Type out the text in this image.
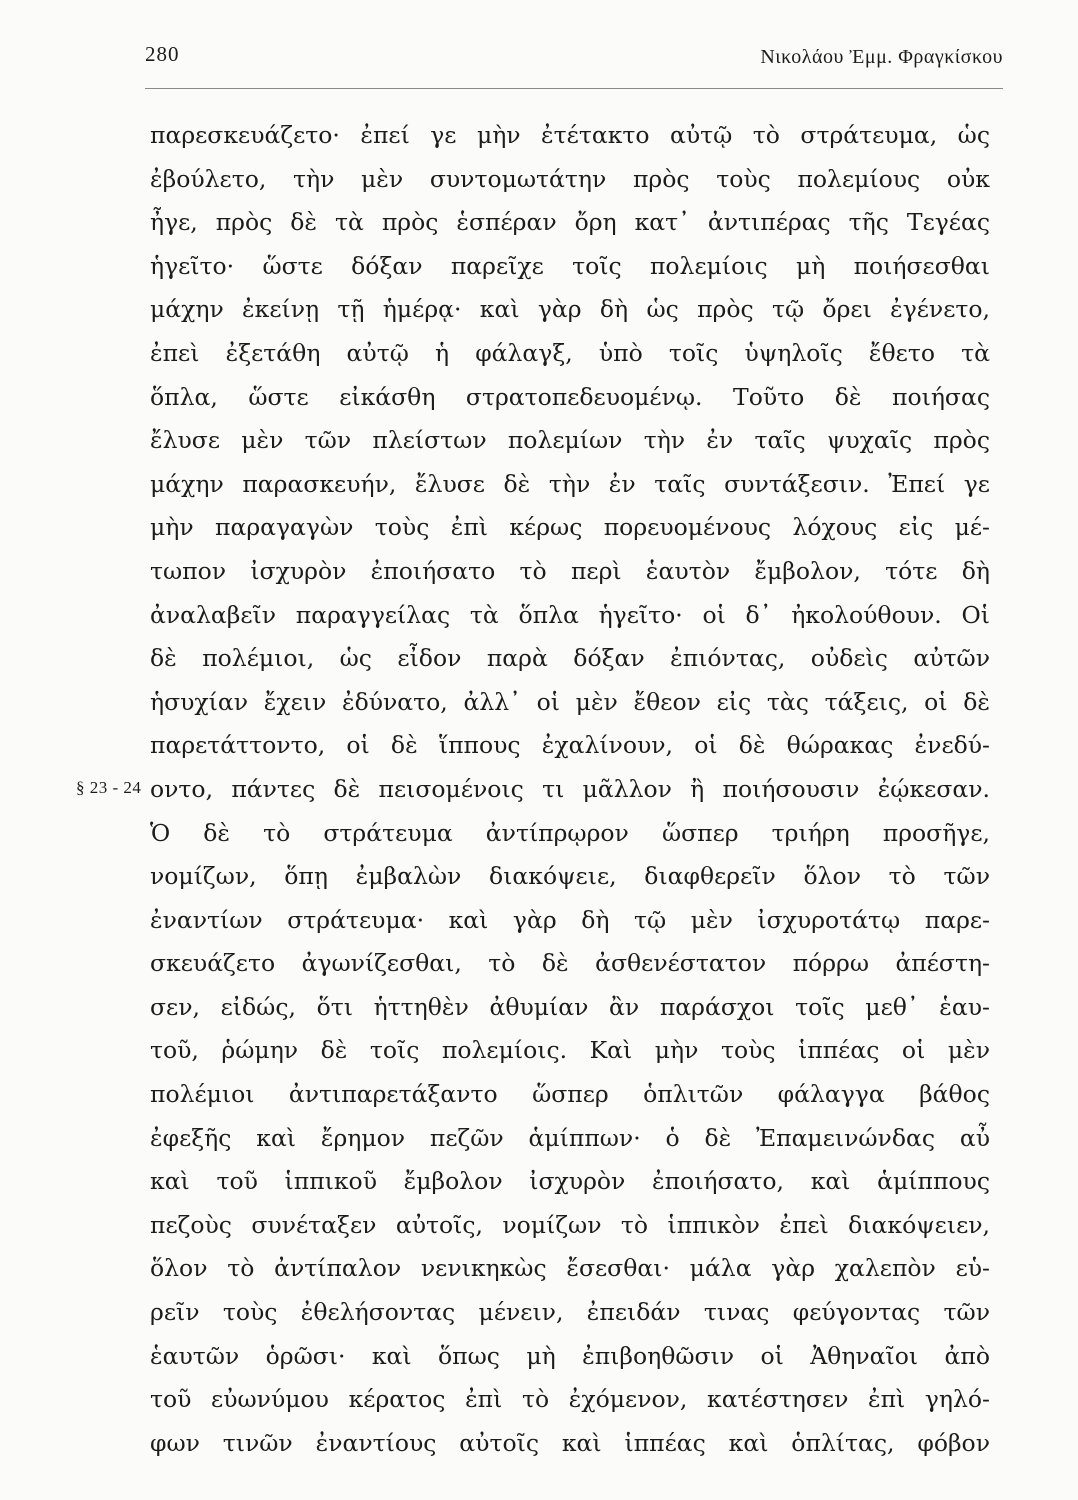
280	Νικολάου Ἐμμ. Φραγκίσκου
§ 23 - 24
παρεσκευάζετο· ἐπεί γε μὴν ἐτέτακτο αὐτῷ τὸ στράτευμα, ὡς
ἐβούλετο, τὴν μὲν συντομωτάτην πρὸς τοὺς πολεμίους οὐκ
ἦγε, πρὸς δὲ τὰ πρὸς ἑσπέραν ὄρη κατ᾽ ἀντιπέρας τῆς Τεγέας
ἡγεῖτο· ὥστε δόξαν παρεῖχε τοῖς πολεμίοις μὴ ποιήσεσθαι
μάχην ἐκείνῃ τῇ ἡμέρᾳ· καὶ γὰρ δὴ ὡς πρὸς τῷ ὄρει ἐγένετο,
ἐπεὶ ἐξετάθη αὐτῷ ἡ φάλαγξ, ὑπὸ τοῖς ὑψηλοῖς ἔθετο τὰ
ὅπλα, ὥστε εἰκάσθη στρατοπεδευομένῳ. Τοῦτο δὲ ποιήσας
ἔλυσε μὲν τῶν πλείστων πολεμίων τὴν ἐν ταῖς ψυχαῖς πρὸς
μάχην παρασκευήν, ἔλυσε δὲ τὴν ἐν ταῖς συντάξεσιν. Ἐπεί γε
μὴν παραγαγὼν τοὺς ἐπὶ κέρως πορευομένους λόχους εἰς μέ-
τωπον ἰσχυρὸν ἐποιήσατο τὸ περὶ ἑαυτὸν ἔμβολον, τότε δὴ
ἀναλαβεῖν παραγγείλας τὰ ὅπλα ἡγεῖτο· οἱ δ᾽ ἠκολούθουν. Οἱ
δὲ πολέμιοι, ὡς εἶδον παρὰ δόξαν ἐπιόντας, οὐδεὶς αὐτῶν
ἡσυχίαν ἔχειν ἐδύνατο, ἀλλ᾽ οἱ μὲν ἔθεον εἰς τὰς τάξεις, οἱ δὲ
παρετάττοντο, οἱ δὲ ἵππους ἐχαλίνουν, οἱ δὲ θώρακας ἐνεδύ-
οντο, πάντες δὲ πεισομένοις τι μᾶλλον ἢ ποιήσουσιν ἐῴκεσαν.
Ὁ δὲ τὸ στράτευμα ἀντίπρῳρον ὥσπερ τριήρη προσῆγε,
νομίζων, ὅπῃ ἐμβαλὼν διακόψειε, διαφθερεῖν ὅλον τὸ τῶν
ἐναντίων στράτευμα· καὶ γὰρ δὴ τῷ μὲν ἰσχυροτάτῳ παρε-
σκευάζετο ἀγωνίζεσθαι, τὸ δὲ ἀσθενέστατον πόρρω ἀπέστη-
σεν, εἰδώς, ὅτι ἡττηθὲν ἀθυμίαν ἂν παράσχοι τοῖς μεθ᾽ ἑαυ-
τοῦ, ῥώμην δὲ τοῖς πολεμίοις. Καὶ μὴν τοὺς ἱππέας οἱ μὲν
πολέμιοι ἀντιπαρετάξαντο ὥσπερ ὁπλιτῶν φάλαγγα βάθος
ἐφεξῆς καὶ ἔρημον πεζῶν ἁμίππων· ὁ δὲ Ἐπαμεινώνδας αὖ
καὶ τοῦ ἱππικοῦ ἔμβολον ἰσχυρὸν ἐποιήσατο, καὶ ἁμίππους
πεζοὺς συνέταξεν αὐτοῖς, νομίζων τὸ ἱππικὸν ἐπεὶ διακόψειεν,
ὅλον τὸ ἀντίπαλον νενικηκὼς ἔσεσθαι· μάλα γὰρ χαλεπὸν εὑ-
ρεῖν τοὺς ἐθελήσοντας μένειν, ἐπειδάν τινας φεύγοντας τῶν
ἑαυτῶν ὁρῶσι· καὶ ὅπως μὴ ἐπιβοηθῶσιν οἱ Ἀθηναῖοι ἀπὸ
τοῦ εὐωνύμου κέρατος ἐπὶ τὸ ἐχόμενον, κατέστησεν ἐπὶ γηλό-
φων τινῶν ἐναντίους αὐτοῖς καὶ ἱππέας καὶ ὁπλίτας, φόβον
